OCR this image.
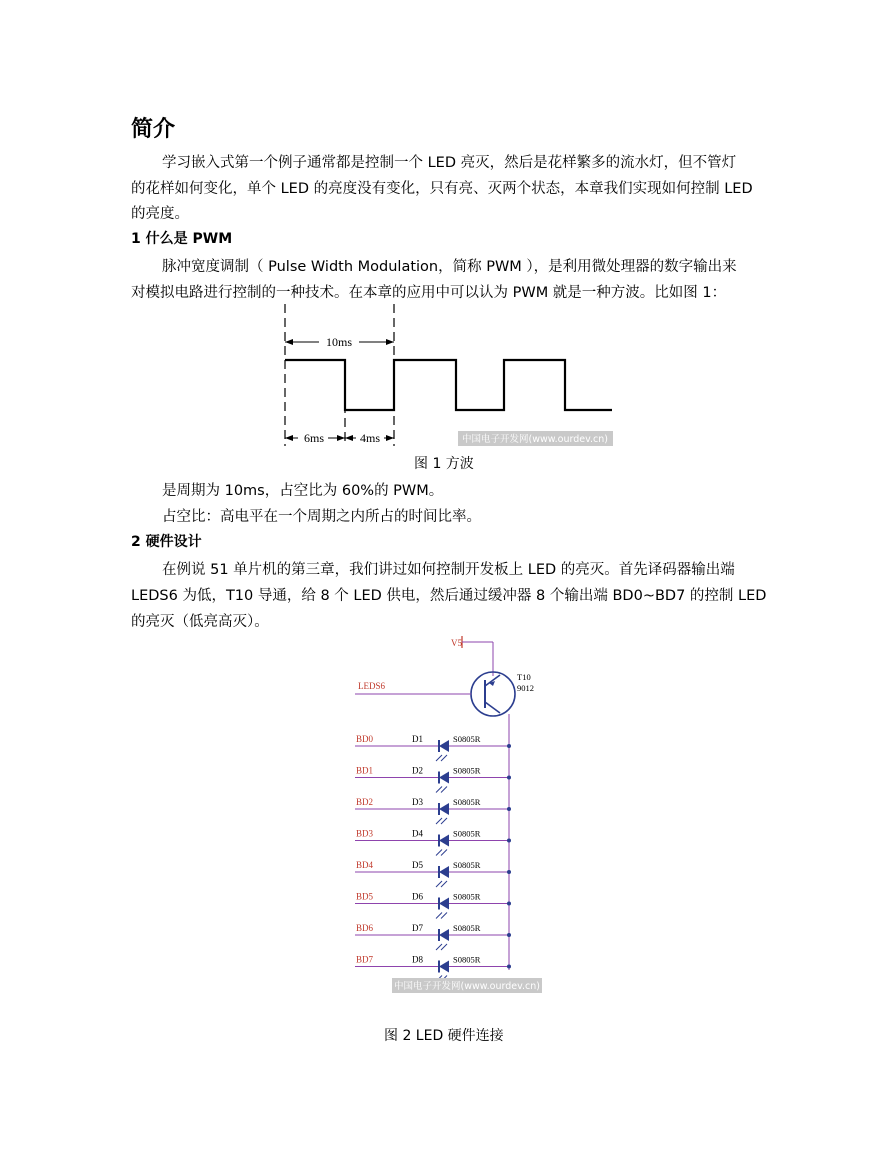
简介
学习嵌入式第一个例子通常都是控制一个 LED 亮灭，然后是花样繁多的流水灯，但不管灯
的花样如何变化，单个 LED 的亮度没有变化，只有亮、灭两个状态，本章我们实现如何控制 LED
的亮度。
1 什么是 PWM
脉冲宽度调制（ Pulse Width Modulation，简称 PWM ），是利用微处理器的数字输出来
对模拟电路进行控制的一种技术。在本章的应用中可以认为 PWM 就是一种方波。比如图 1：
10ms
6ms	4ms	中国电子开发网(www.ourdev.cn)
图 1 方波
是周期为 10ms，占空比为 60%的 PWM。
占空比：高电平在一个周期之内所占的时间比率。
2 硬件设计
在例说 51 单片机的第三章，我们讲过如何控制开发板上 LED 的亮灭。首先译码器输出端
LEDS6 为低，T10 导通，给 8 个 LED 供电，然后通过缓冲器 8 个输出端 BD0~BD7 的控制 LED
的亮灭（低亮高灭）。
V5
T10
9012
LEDS6
BD0	D1	S0805R
BD1	D2	S0805R
BD2	D3	S0805R
BD3	D4	S0805R
BD4	D5	S0805R
BD5	D6	S0805R
BD6	D7	S0805R
BD7	D8	S0805R
中国电子开发网(www.ourdev.cn)
图 2 LED 硬件连接
